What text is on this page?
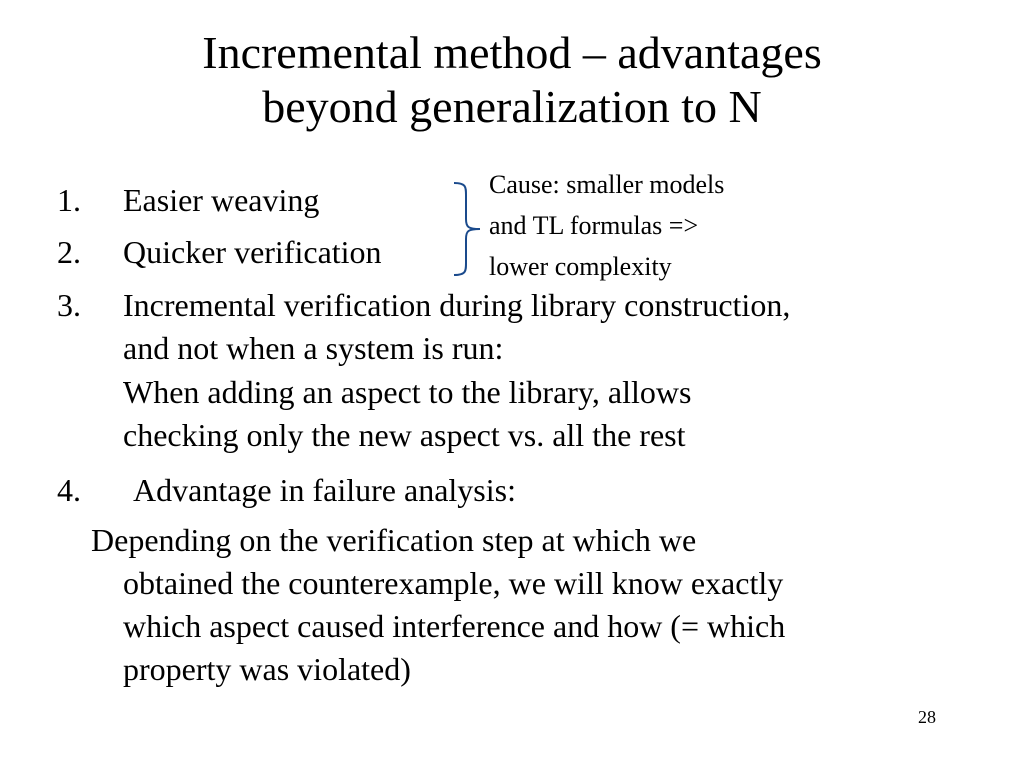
Incremental method – advantages
beyond generalization to N
1. Easier weaving
2. Quicker verification
Cause: smaller models
and TL formulas =>
lower complexity
3. Incremental verification during library construction,
and not when a system is run:
When adding an aspect to the library, allows
checking only the new aspect vs. all the rest
4. Advantage in failure analysis:
Depending on the verification step at which we
obtained the counterexample, we will know exactly
which aspect caused interference and how (= which
property was violated)
28
